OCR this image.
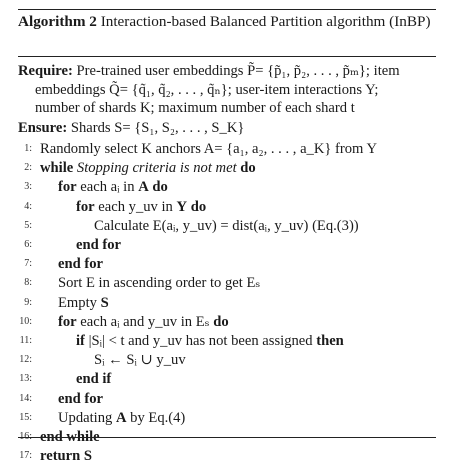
Algorithm 2 Interaction-based Balanced Partition algorithm (InBP)
Require: Pre-trained user embeddings P̃= {p̃₁, p̃₂, . . . , p̃ₘ}; item
embeddings Q̃= {q̃₁, q̃₂, . . . , q̃ₙ}; user-item interactions Y;
number of shards K; maximum number of each shard t
Ensure: Shards S= {S₁, S₂, . . . , S_K}
1: Randomly select K anchors A= {a₁, a₂, . . . , a_K} from Y
2: while Stopping criteria is not met do
3: for each aᵢ in A do
4:	for each y_uv in Y do
5:	Calculate E(aᵢ, y_uv) = dist(aᵢ, y_uv) (Eq.(3))
6:	end for
7: end for
8: Sort E in ascending order to get Eₛ
9: Empty S
10: for each aᵢ and y_uv in Eₛ do
11:	if |Sᵢ| < t and y_uv has not been assigned then
12:	Sᵢ ← Sᵢ ∪ y_uv
13:	end if
14: end for
15: Updating A by Eq.(4)
16: end while
17: return S
